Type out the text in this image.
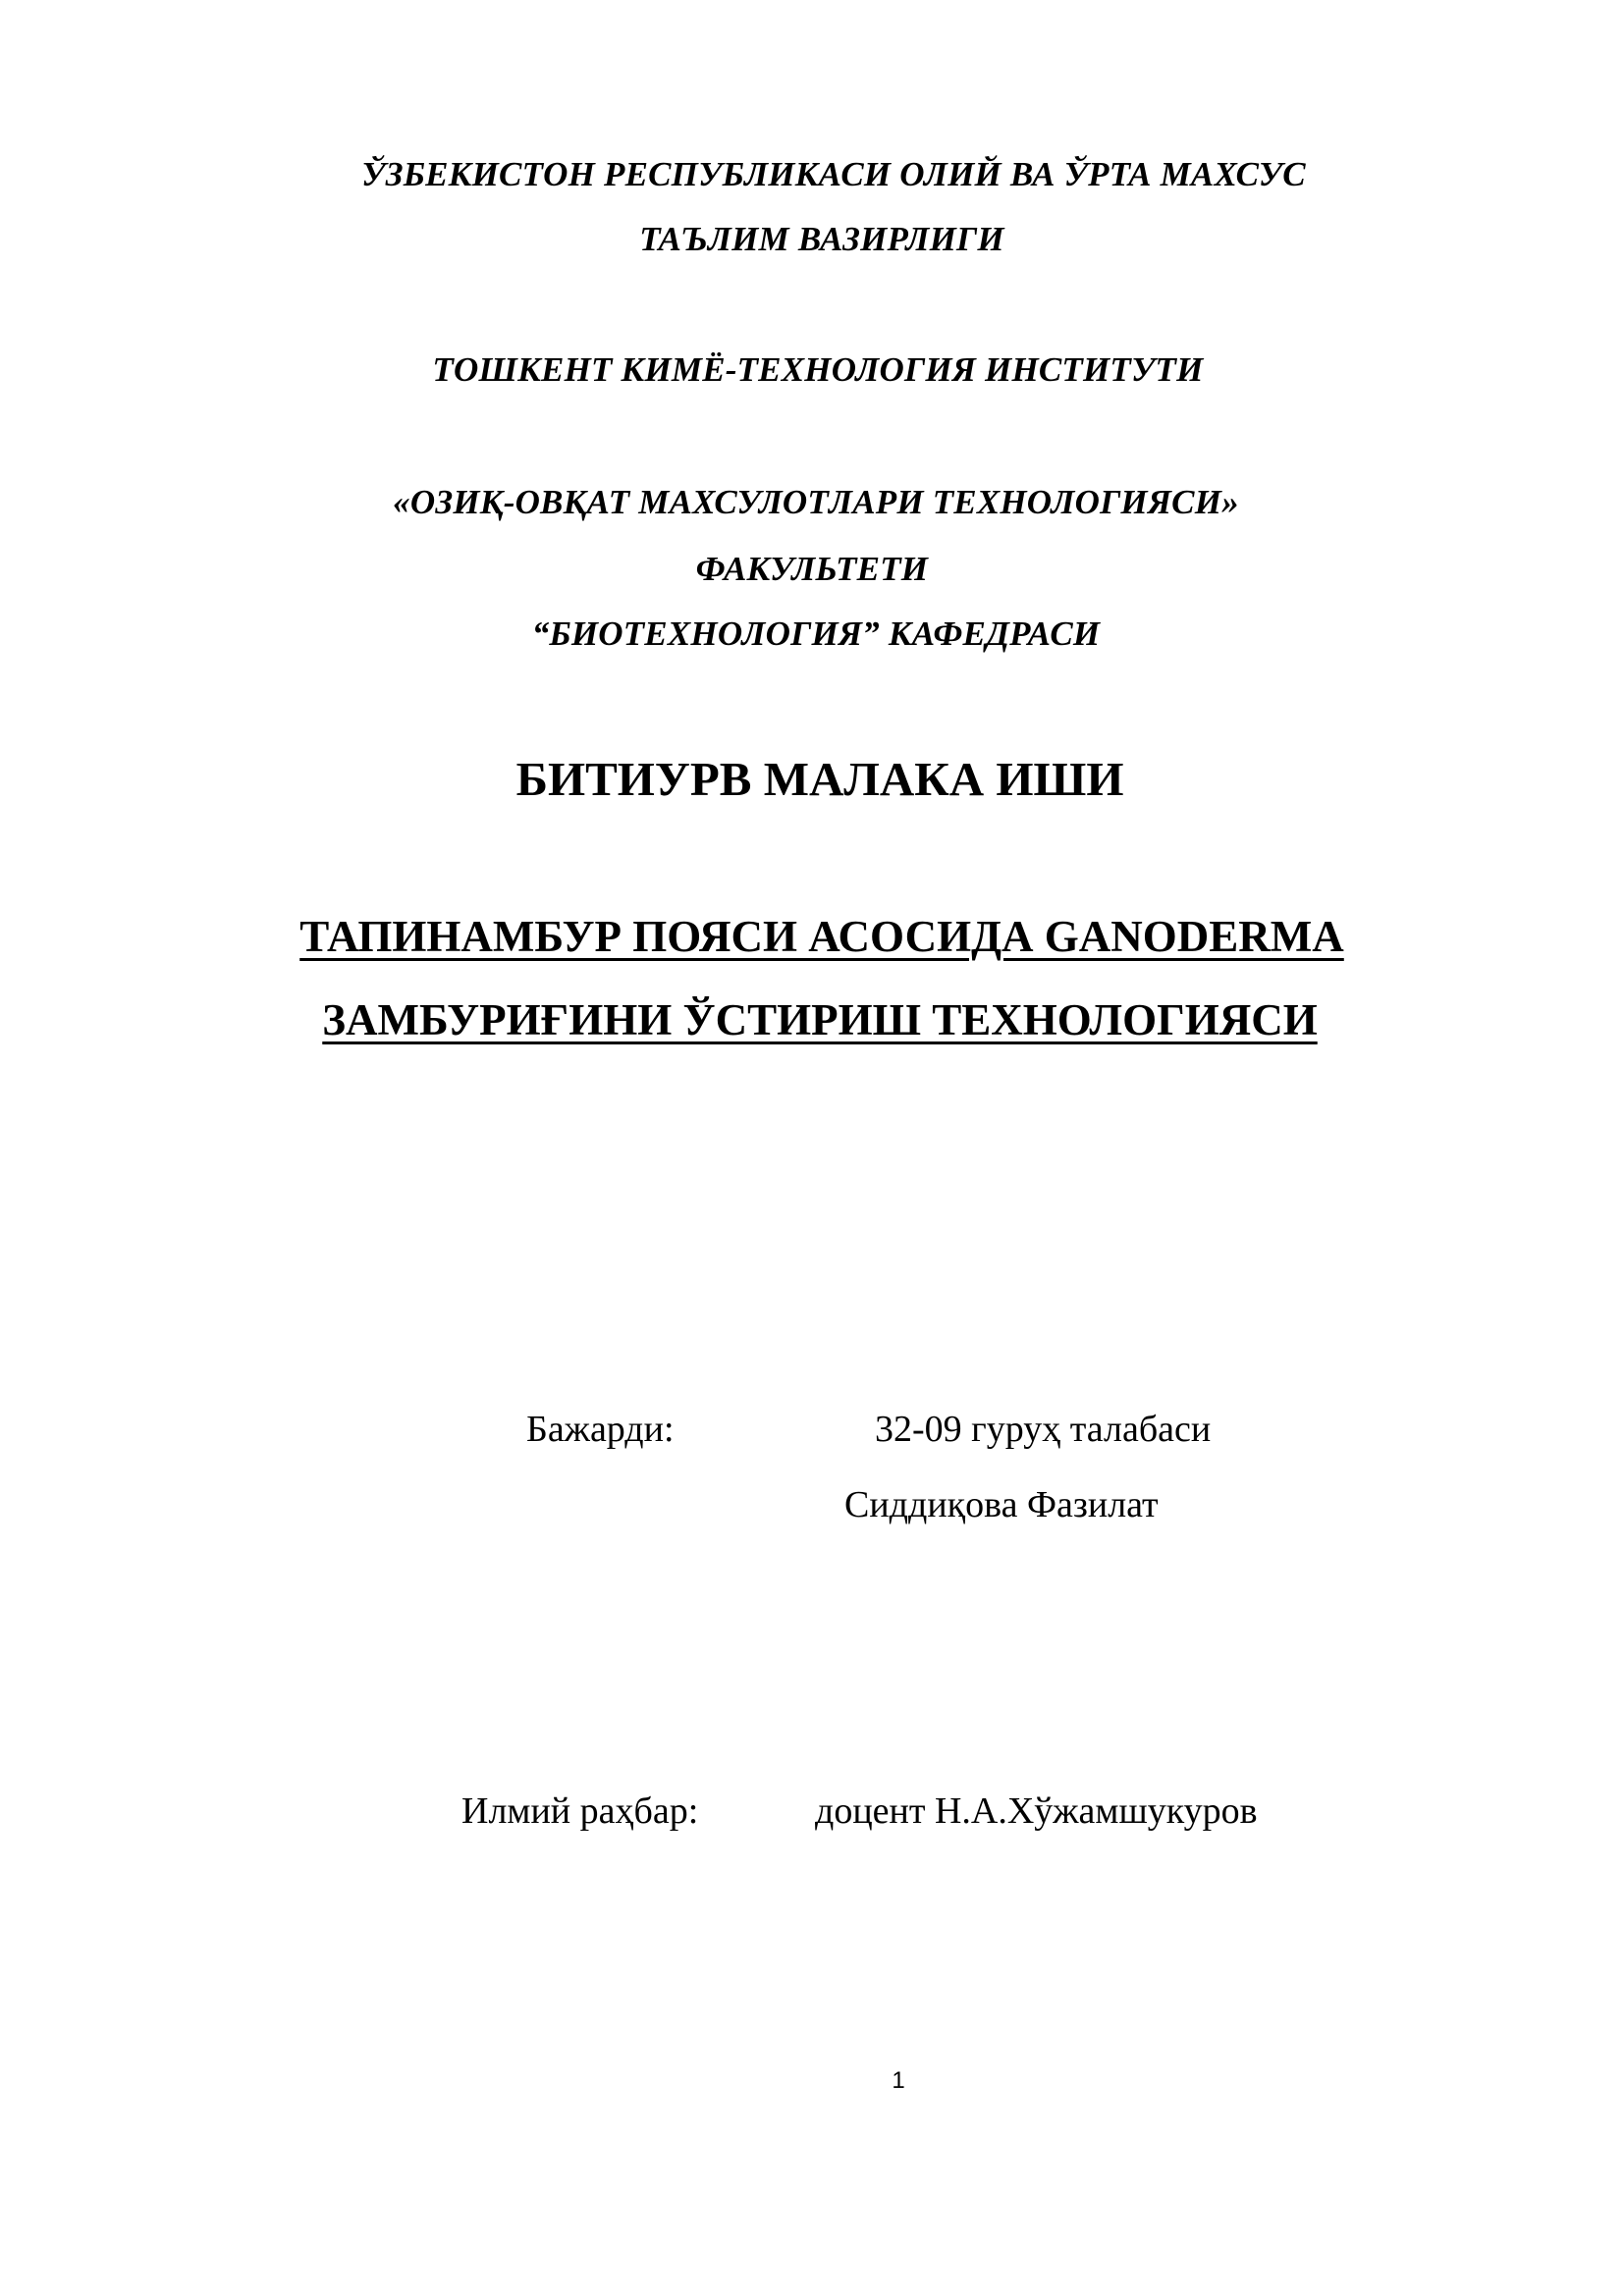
ЎЗБЕКИСТОН РЕСПУБЛИКАСИ ОЛИЙ ВА ЎРТА МАХСУС
ТАЪЛИМ ВАЗИРЛИГИ
ТОШКЕНТ КИМЁ-ТЕХНОЛОГИЯ ИНСТИТУТИ
«ОЗИҚ-ОВҚАТ МАХСУЛОТЛАРИ ТЕХНОЛОГИЯСИ»
ФАКУЛЬТЕТИ
“БИОТЕХНОЛОГИЯ” КАФЕДРАСИ
БИТИУРВ МАЛАКА ИШИ
ТАПИНАМБУР ПОЯСИ АСОСИДА GANODERMA
ЗАМБУРИҒИНИ ЎСТИРИШ ТЕХНОЛОГИЯСИ
Бажарди:	32-09 гуруҳ талабаси
Сиддиқова Фазилат
Илмий раҳбар:	доцент Н.А.Хўжамшукуров
1
